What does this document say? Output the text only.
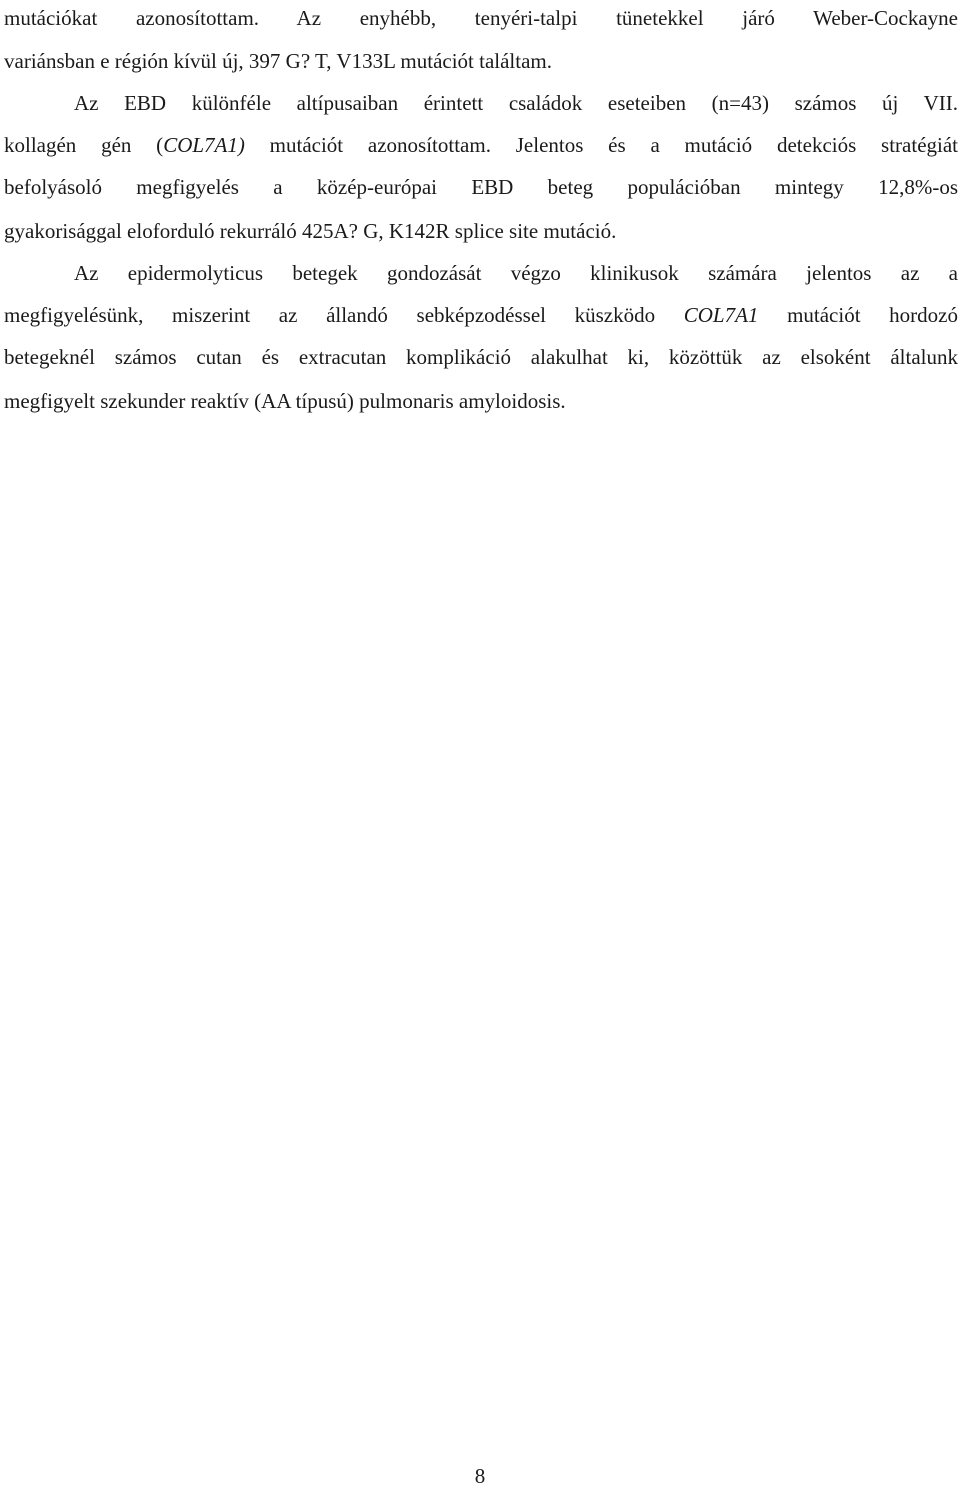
mutációkat azonosítottam. Az enyhébb, tenyéri-talpi tünetekkel járó Weber-Cockayne
variánsban e régión kívül új, 397 G? T, V133L mutációt találtam.
Az EBD különféle altípusaiban érintett családok eseteiben (n=43) számos új VII.
kollagén gén (COL7A1) mutációt azonosítottam. Jelentos és a mutáció detekciós stratégiát
befolyásoló megfigyelés a közép-európai EBD beteg populációban mintegy 12,8%-os
gyakorisággal eloforduló rekurráló 425A? G, K142R splice site mutáció.
Az epidermolyticus betegek gondozását végzo klinikusok számára jelentos az a
megfigyelésünk, miszerint az állandó sebképzodéssel küszködo COL7A1 mutációt hordozó
betegeknél számos cutan és extracutan komplikáció alakulhat ki, közöttük az elsoként általunk
megfigyelt szekunder reaktív (AA típusú) pulmonaris amyloidosis.
8
